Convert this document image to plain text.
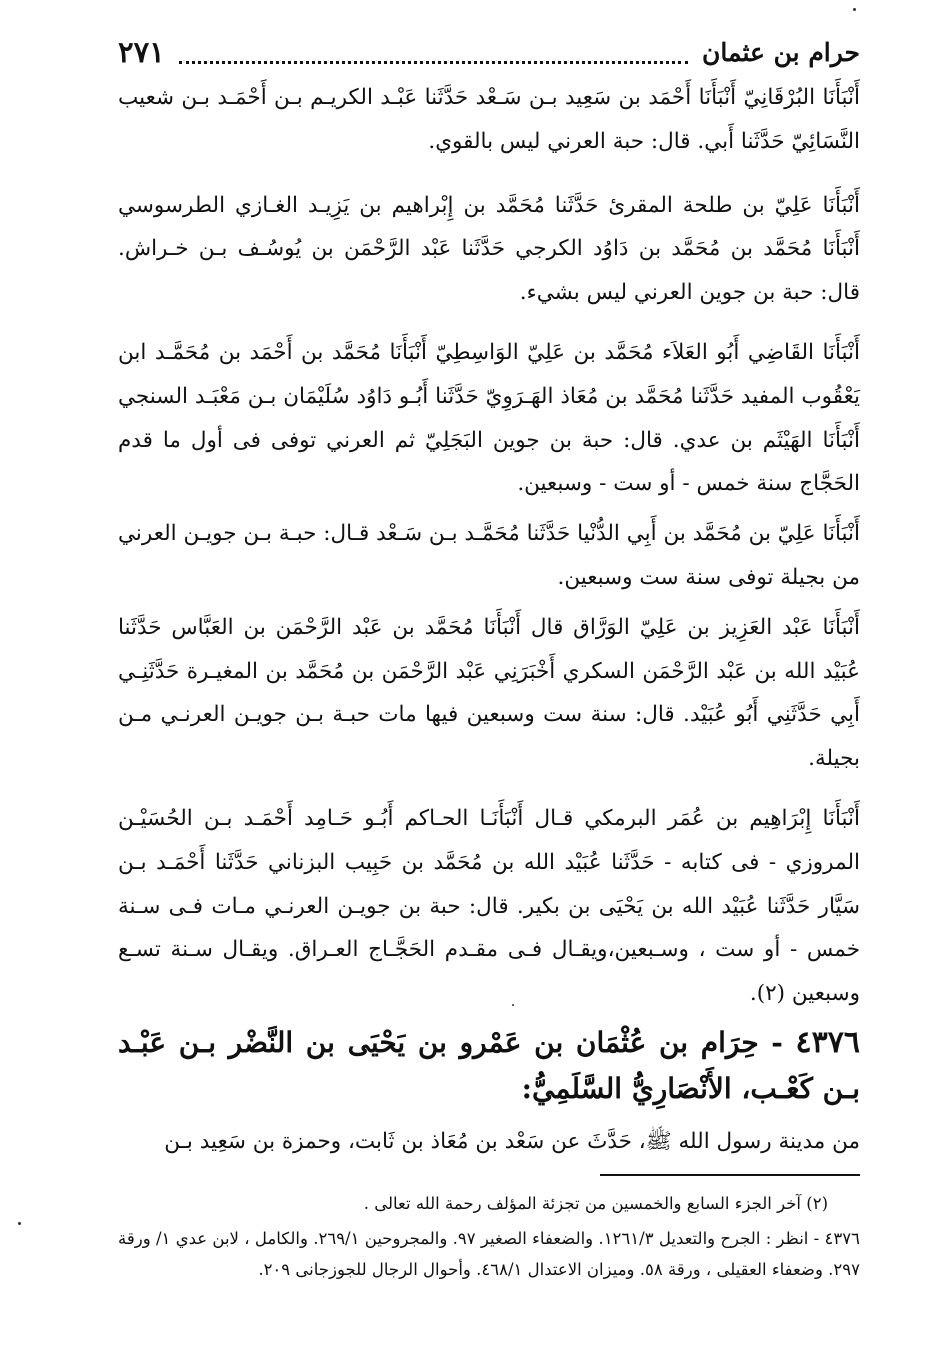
حرام بن عثمان
٢٧١

أَنْبَأَنَا البُرْقَانِيّ أَنْبَأَنَا أَحْمَد بن سَعِيد بـن سَـعْد حَدَّثَنا عَبْـد الكريـم بـن أَحْمَـد بـن شعيب النَّسَائِيّ حَدَّثَنا أَبي. قال: حبة العرني ليس بالقوي.

أَنْبَأَنَا عَلِيّ بن طلحة المقرئ حَدَّثَنا مُحَمَّد بن إِبْراهيم بن يَزِيـد الغـازي الطرسوسي أَنْبَأَنَا مُحَمَّد بن مُحَمَّد بن دَاوُد الكرجي حَدَّثَنا عَبْد الرَّحْمَن بن يُوسُـف بـن خـراش. قال: حبة بن جوين العرني ليس بشيء.

أَنْبَأَنَا القَاضِي أَبُو العَلاَء مُحَمَّد بن عَلِيّ الوَاسِطِيّ أَنْبَأَنَا مُحَمَّد بن أَحْمَد بن مُحَمَّـد ابن يَعْقُوب المفيد حَدَّثَنا مُحَمَّد بن مُعَاذ الهَـرَوِيّ حَدَّثَنا أَبُـو دَاوُد سُلَيْمَان بـن مَعْبَـد السنجي أَنْبَأَنَا الهَيْثَم بن عدي. قال: حبة بن جوين البَجَلِيّ ثم العرني توفى فى أول ما قدم الحَجَّاج سنة خمس - أو ست - وسبعين.

أَنْبَأَنَا عَلِيّ بن مُحَمَّد بن أَبِي الدُّنْيا حَدَّثَنا مُحَمَّـد بـن سَـعْد قـال: حبـة بـن جويـن العرني من بجيلة توفى سنة ست وسبعين.

أَنْبَأَنَا عَبْد العَزِيز بن عَلِيّ الوَرَّاق قال أَنْبَأَنَا مُحَمَّد بن عَبْد الرَّحْمَن بن العَبَّاس حَدَّثَنا عُبَيْد الله بن عَبْد الرَّحْمَن السكري أَخْبَرَنِي عَبْد الرَّحْمَن بن مُحَمَّد بن المغيـرة حَدَّثَنِـي أَبِي حَدَّثَنِي أَبُو عُبَيْد. قال: سنة ست وسبعين فيها مات حبـة بـن جويـن العرنـي مـن بجيلة.

أَنْبَأَنَا إِبْرَاهِيم بن عُمَر البرمكي قـال أَنْبَأَنَـا الحـاكم أَبُـو حَـامِد أَحْمَـد بـن الحُسَيْـن المروزي - فى كتابه - حَدَّثَنا عُبَيْد الله بن مُحَمَّد بن حَبِيب البزناني حَدَّثَنا أَحْمَـد بـن سَيَّار حَدَّثَنا عُبَيْد الله بن يَحْيَى بن بكير. قال: حبة بن جويـن العرنـي مـات فـى سـنة خمس - أو ست ، وسـبعين،ويقـال فـى مقـدم الحَجَّـاج العـراق. ويقـال سـنة تسـع وسبعين (٢).

٤٣٧٦ - حِرَام بن عُثْمَان بن عَمْرو بن يَحْيَى بن النَّضْر بـن عَبْـد بـن كَعْـب، الأَنْصَارِيُّ السَّلَمِيُّ:

من مدينة رسول الله ﷺ، حَدَّثَ عن سَعْد بن مُعَاذ بن ثَابت، وحمزة بن سَعِيد بـن

(٢) آخر الجزء السابع والخمسين من تجزئة المؤلف رحمة الله تعالى .

٤٣٧٦ - انظر : الجرح والتعديل ١٢٦١/٣. والضعفاء الصغير ٩٧. والمجروحين ٢٦٩/١. والكامل ، لابن عدي ١/ ورقة ٢٩٧. وضعفاء العقيلى ، ورقة ٥٨. وميزان الاعتدال ٤٦٨/١. وأحوال الرجال للجوزجانى ٢٠٩.
